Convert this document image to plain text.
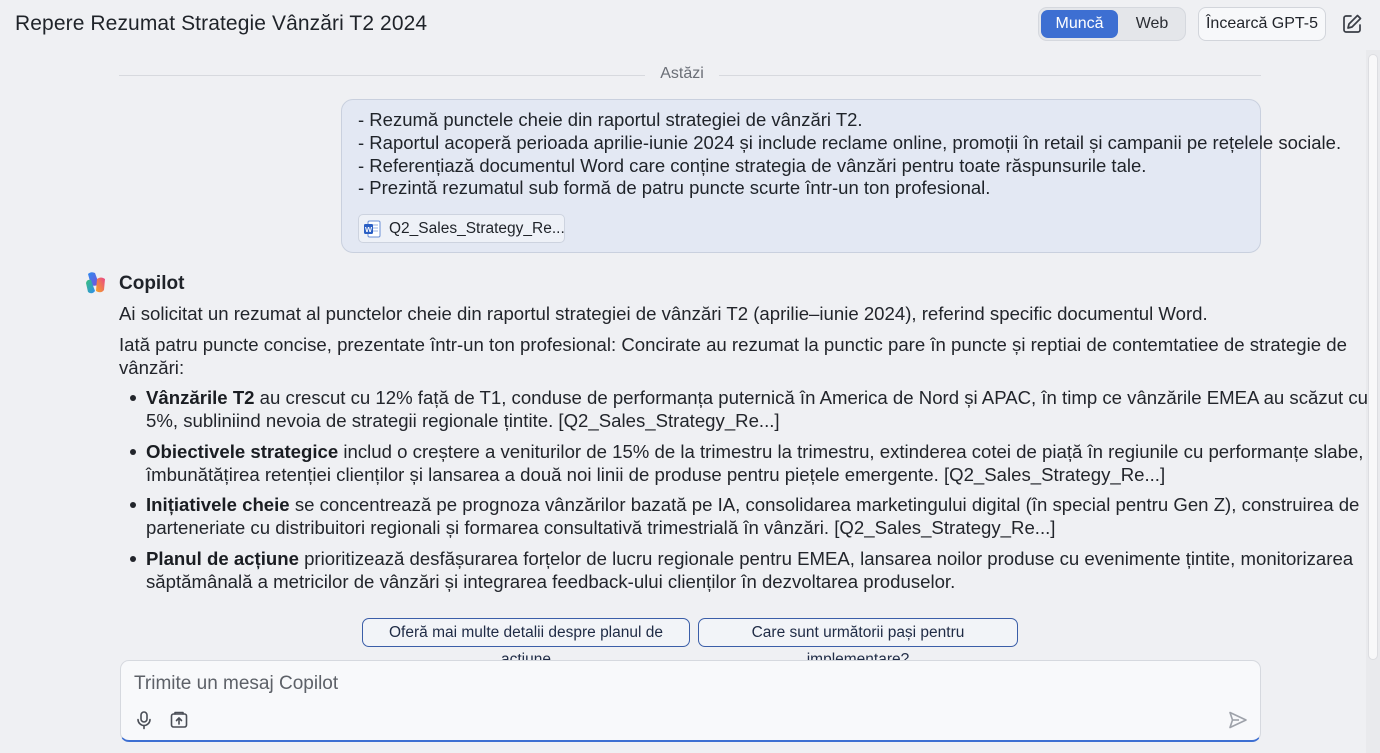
Repere Rezumat Strategie Vânzări T2 2024	Muncă	Web	Încearcă GPT-5
Astăzi
- Rezumă punctele cheie din raportul strategiei de vânzări T2.
- Raportul acoperă perioada aprilie-iunie 2024 și include reclame online, promoții în retail și campanii pe rețelele sociale.
- Referențiază documentul Word care conține strategia de vânzări pentru toate răspunsurile tale.
- Prezintă rezumatul sub formă de patru puncte scurte într-un ton profesional.
W Q2_Sales_Strategy_Re...
Copilot
Ai solicitat un rezumat al punctelor cheie din raportul strategiei de vânzări T2 (aprilie–iunie 2024), referind specific documentul Word.
Iată patru puncte concise, prezentate într-un ton profesional: Concirate au rezumat la punctic pare în puncte și reptiai de contemtatiee de strategie de
vânzări:
Vânzările T2 au crescut cu 12% față de T1, conduse de performanța puternică în America de Nord și APAC, în timp ce vânzările EMEA au scăzut cu
5%, subliniind nevoia de strategii regionale țintite. [Q2_Sales_Strategy_Re...]
Obiectivele strategice includ o creștere a veniturilor de 15% de la trimestru la trimestru, extinderea cotei de piață în regiunile cu performanțe slabe,
îmbunătățirea retenției clienților și lansarea a două noi linii de produse pentru piețele emergente. [Q2_Sales_Strategy_Re...]
Inițiativele cheie se concentrează pe prognoza vânzărilor bazată pe IA, consolidarea marketingului digital (în special pentru Gen Z), construirea de
parteneriate cu distribuitori regionali și formarea consultativă trimestrială în vânzări. [Q2_Sales_Strategy_Re...]
Planul de acțiune prioritizează desfășurarea forțelor de lucru regionale pentru EMEA, lansarea noilor produse cu evenimente țintite, monitorizarea
săptămânală a metricilor de vânzări și integrarea feedback-ului clienților în dezvoltarea produselor.
Oferă mai multe detalii despre planul de	Care sunt următorii pași pentru
Trimite un mesaj Copilot
